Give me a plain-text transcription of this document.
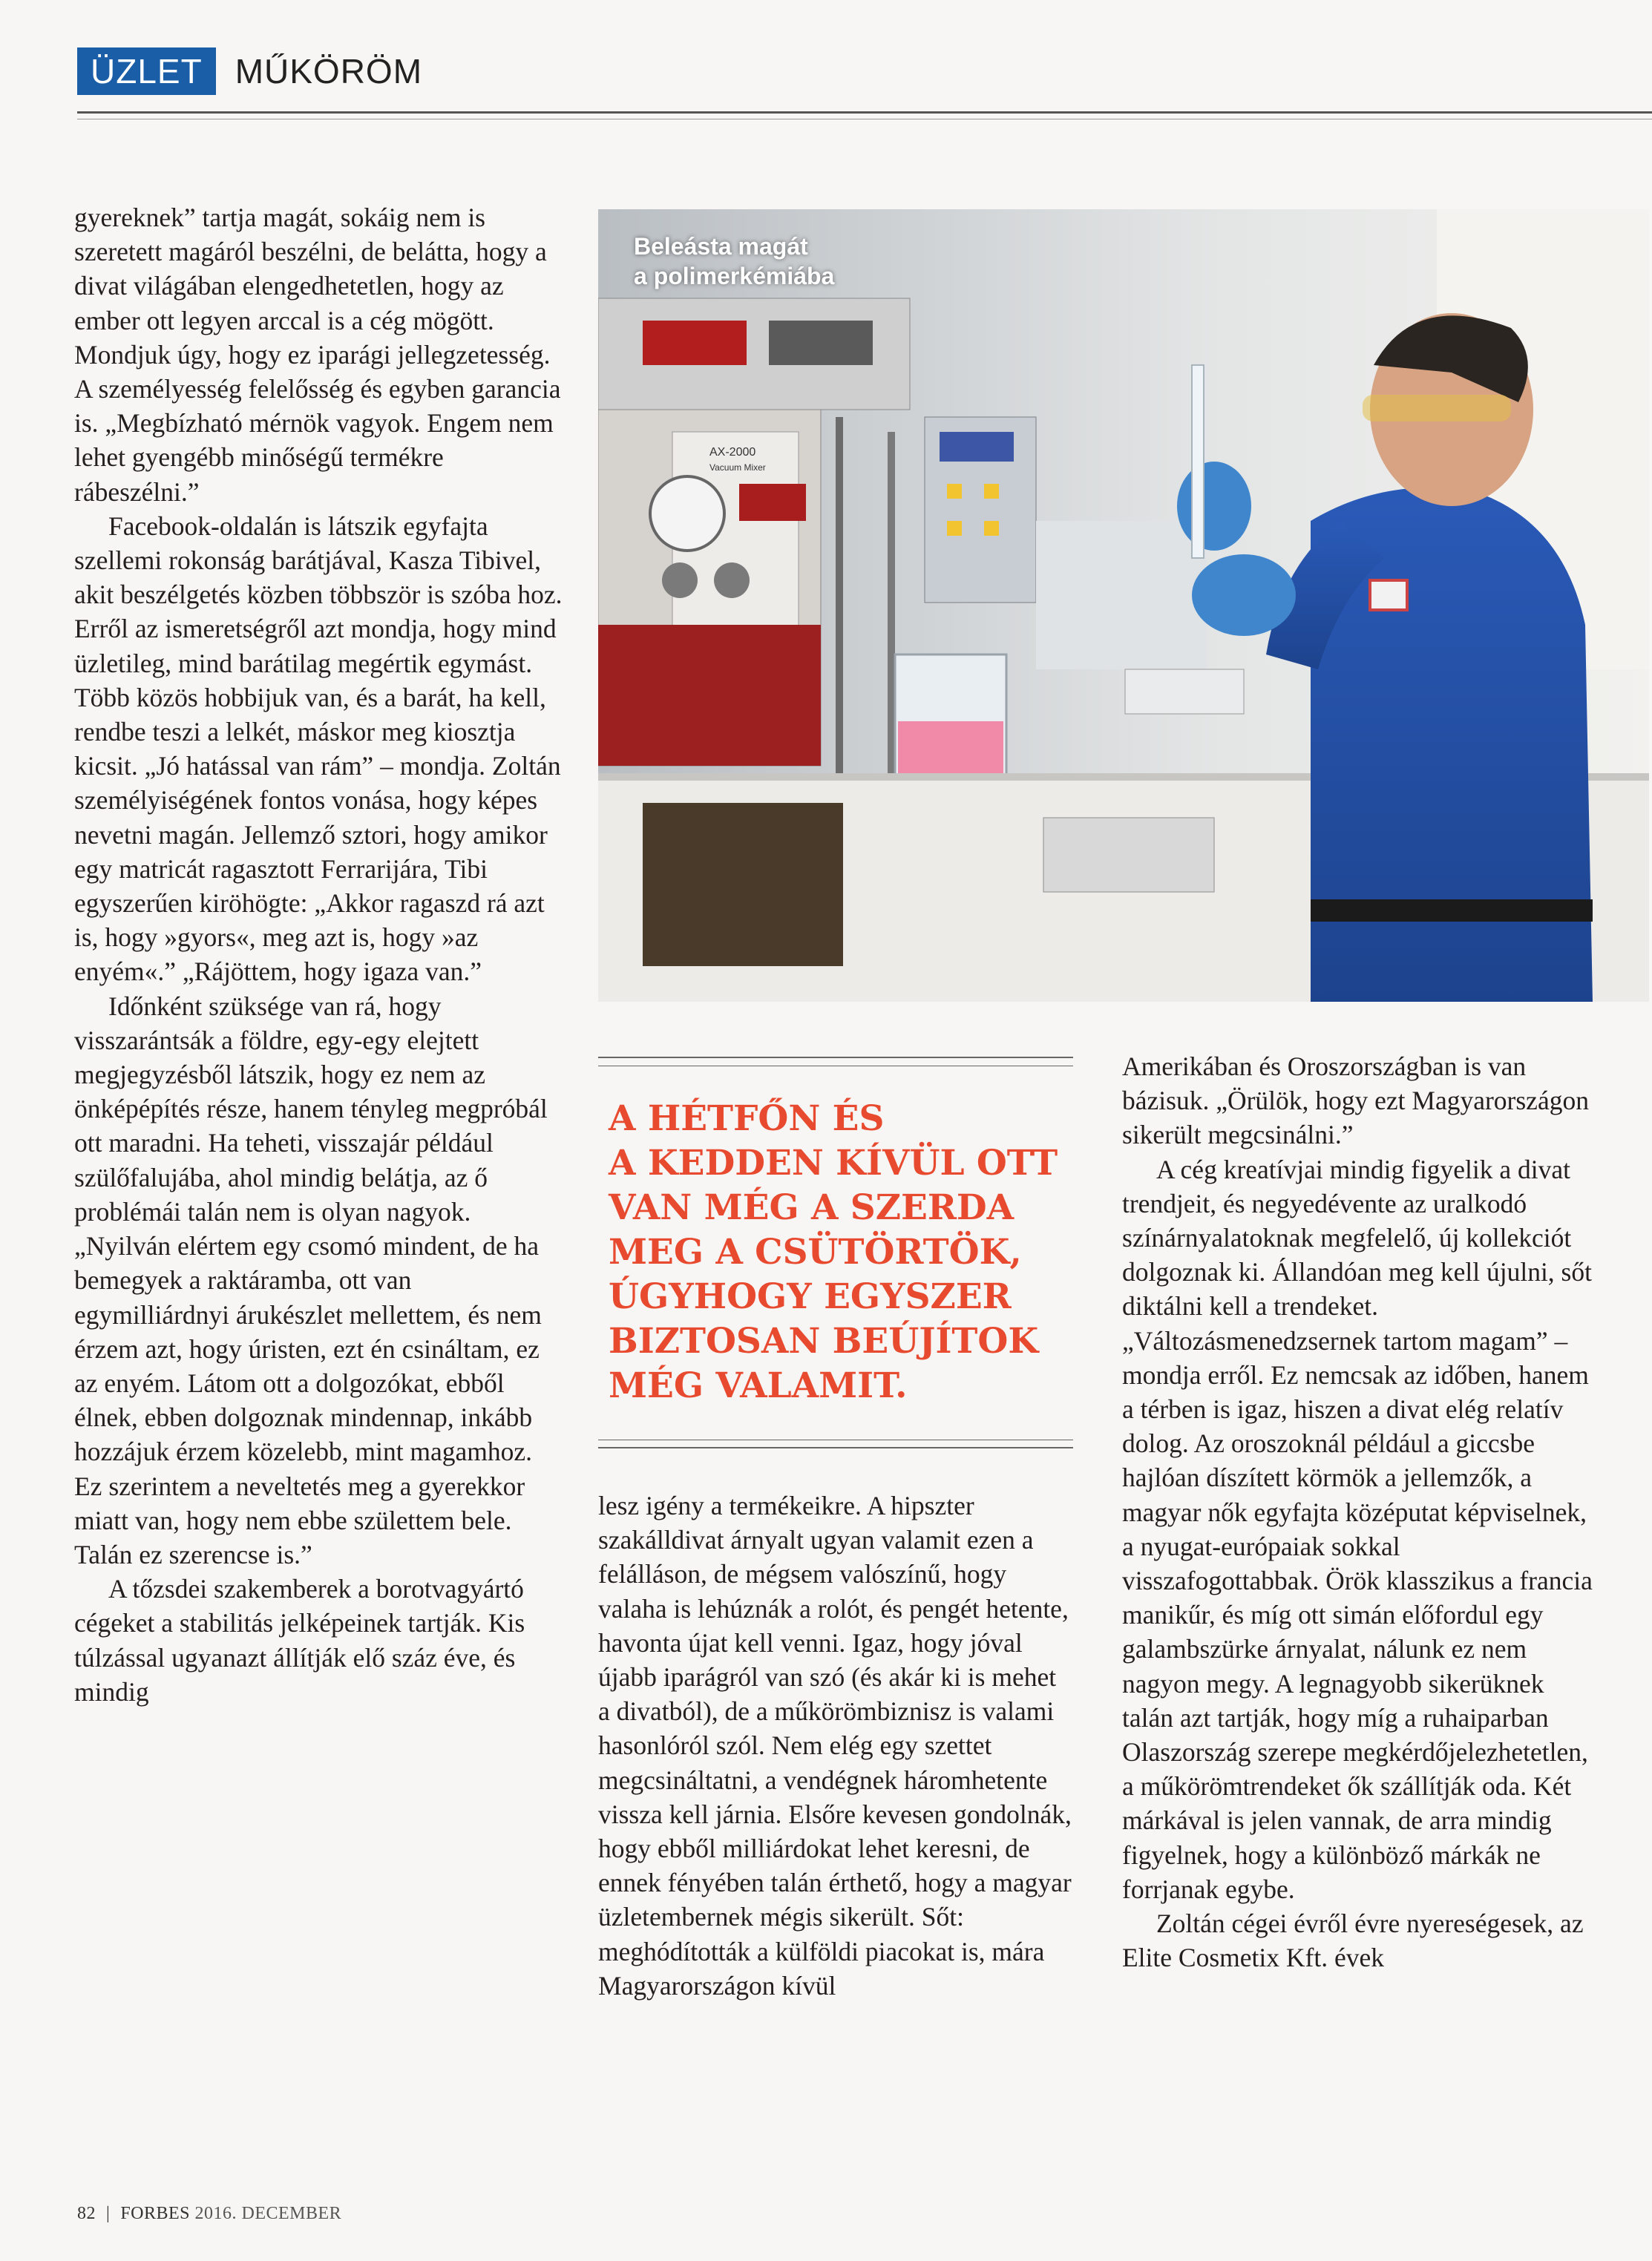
ÜZLET MŰKÖRÖM

gyereknek” tartja magát, sokáig nem is szeretett magáról beszélni, de belátta, hogy a divat világában elengedhetetlen, hogy az ember ott legyen arccal is a cég mögött. Mondjuk úgy, hogy ez iparági jellegzetesség. A személyesség felelősség és egyben garancia is. „Megbízható mérnök vagyok. Engem nem lehet gyengébb minőségű termékre rábeszélni.”

Facebook-oldalán is látszik egyfajta szellemi rokonság barátjával, Kasza Tibivel, akit beszélgetés közben többször is szóba hoz. Erről az ismeretségről azt mondja, hogy mind üzletileg, mind barátilag megértik egymást. Több közös hobbijuk van, és a barát, ha kell, rendbe teszi a lelkét, máskor meg kiosztja kicsit. „Jó hatással van rám” – mondja. Zoltán személyiségének fontos vonása, hogy képes nevetni magán. Jellemző sztori, hogy amikor egy matricát ragasztott Ferrarijára, Tibi egyszerűen kiröhögte: „Akkor ragaszd rá azt is, hogy »gyors«, meg azt is, hogy »az enyém«.” „Rájöttem, hogy igaza van.”

Időnként szüksége van rá, hogy visszarántsák a földre, egy-egy elejtett megjegyzésből látszik, hogy ez nem az önképépítés része, hanem tényleg megpróbál ott maradni. Ha teheti, visszajár például szülőfalujába, ahol mindig belátja, az ő problémái talán nem is olyan nagyok. „Nyilván elértem egy csomó mindent, de ha bemegyek a raktáramba, ott van egymilliárdnyi árukészlet mellettem, és nem érzem azt, hogy úristen, ezt én csináltam, ez az enyém. Látom ott a dolgozókat, ebből élnek, ebben dolgoznak mindennap, inkább hozzájuk érzem közelebb, mint magamhoz. Ez szerintem a neveltetés meg a gyerekkor miatt van, hogy nem ebbe születtem bele. Talán ez szerencse is.”

A tőzsdei szakemberek a borotvagyártó cégeket a stabilitás jelképeinek tartják. Kis túlzással ugyanazt állítják elő száz éve, és mindig

AX-2000
Vacuum Mixer
Beleásta magát
a polimerkémiába
A HÉTFŐN ÉS
A KEDDEN KÍVÜL OTT
VAN MÉG A SZERDA
MEG A CSÜTÖRTÖK,
ÚGYHOGY EGYSZER
BIZTOSAN BEÚJÍTOK
MÉG VALAMIT.

lesz igény a termékeikre. A hipszter szakálldivat árnyalt ugyan valamit ezen a felálláson, de mégsem valószínű, hogy valaha is lehúznák a rolót, és pengét hetente, havonta újat kell venni. Igaz, hogy jóval újabb iparágról van szó (és akár ki is mehet a divatból), de a műkörömbiznisz is valami hasonlóról szól. Nem elég egy szettet megcsináltatni, a vendégnek háromhetente vissza kell járnia. Elsőre kevesen gondolnák, hogy ebből milliárdokat lehet keresni, de ennek fényében talán érthető, hogy a magyar üzletembernek mégis sikerült. Sőt: meghódították a külföldi piacokat is, mára Magyarországon kívül

Amerikában és Oroszországban is van bázisuk. „Örülök, hogy ezt Magyarországon sikerült megcsinálni.”

A cég kreatívjai mindig figyelik a divat trendjeit, és negyedévente az uralkodó színárnyalatoknak megfelelő, új kollekciót dolgoznak ki. Állandóan meg kell újulni, sőt diktálni kell a trendeket. „Változásmenedzsernek tartom magam” – mondja erről. Ez nemcsak az időben, hanem a térben is igaz, hiszen a divat elég relatív dolog. Az oroszoknál például a giccsbe hajlóan díszített körmök a jellemzők, a magyar nők egyfajta középutat képviselnek, a nyugat-európaiak sokkal visszafogottabbak. Örök klasszikus a francia manikűr, és míg ott simán előfordul egy galambszürke árnyalat, nálunk ez nem nagyon megy. A legnagyobb sikerüknek talán azt tartják, hogy míg a ruhaiparban Olaszország szerepe megkérdőjelezhetetlen, a műkörömtrendeket ők szállítják oda. Két márkával is jelen vannak, de arra mindig figyelnek, hogy a különböző márkák ne forrjanak egybe.

Zoltán cégei évről évre nyereségesek, az Elite Cosmetix Kft. évek

82 | FORBES 2016. DECEMBER
